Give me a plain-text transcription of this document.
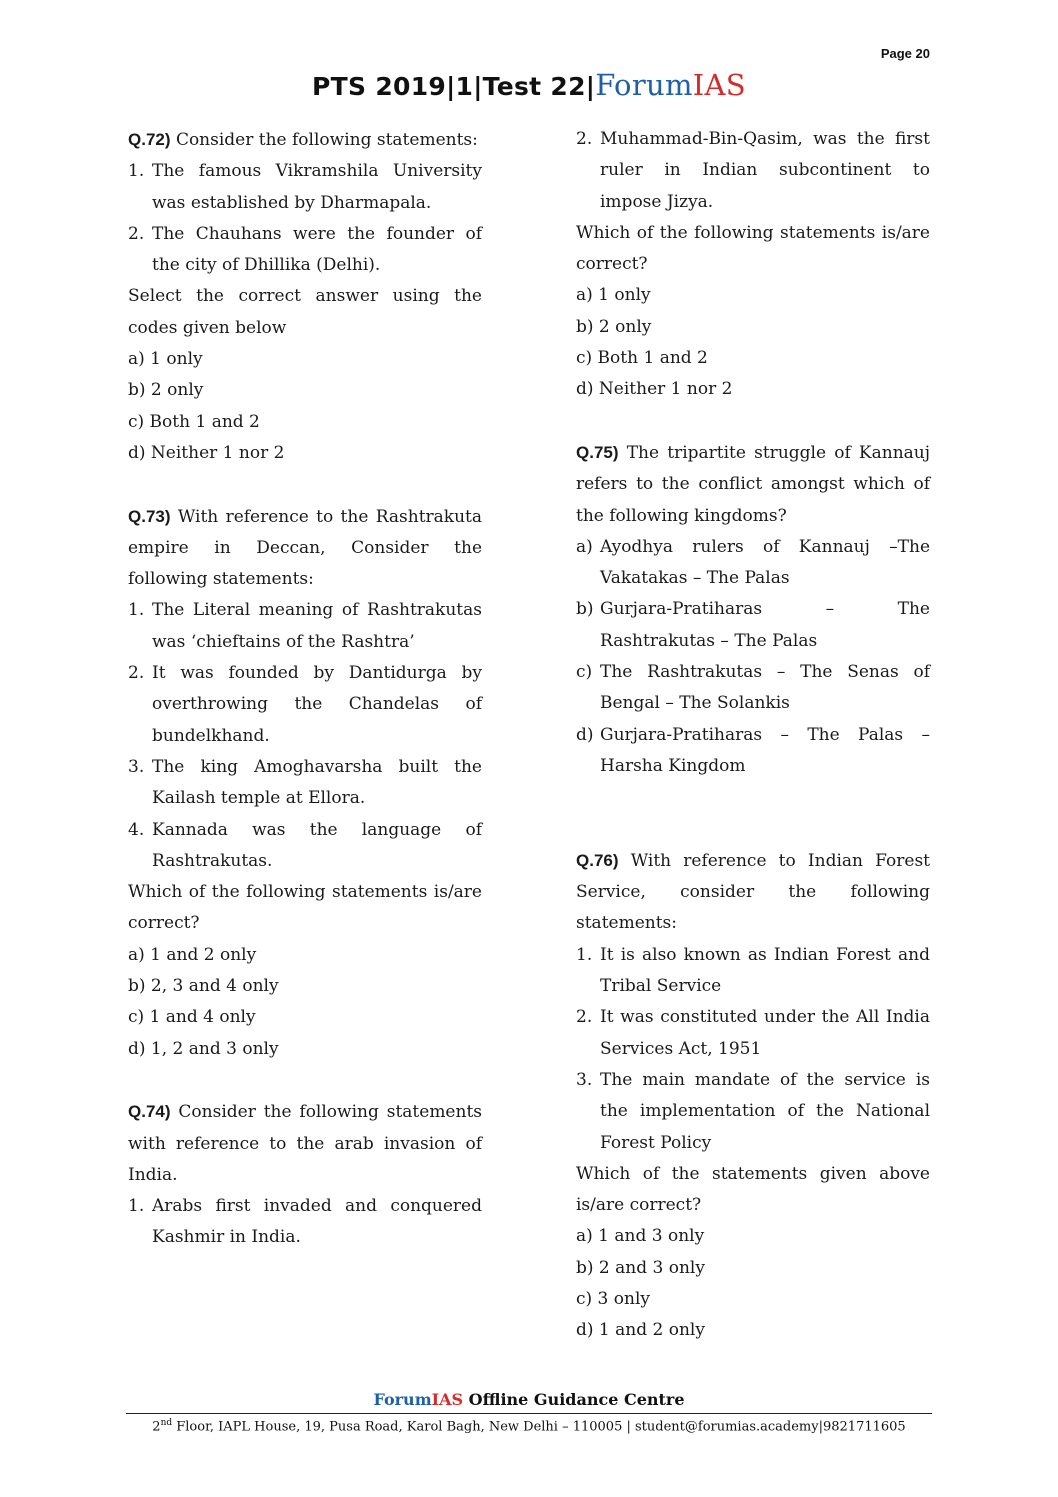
Page 20
PTS 2019|1|Test 22|ForumIAS

Q.72) Consider the following statements:

1. The famous Vikramshila University was established by Dharmapala.
2. The Chauhans were the founder of the city of Dhillika (Delhi).

Select the correct answer using the codes given below

a) 1 only

b) 2 only

c) Both 1 and 2

d) Neither 1 nor 2

Q.73) With reference to the Rashtrakuta empire in Deccan, Consider the following statements:

1. The Literal meaning of Rashtrakutas was ‘chieftains of the Rashtra’
2. It was founded by Dantidurga by overthrowing the Chandelas of bundelkhand.
3. The king Amoghavarsha built the Kailash temple at Ellora.
4. Kannada was the language of Rashtrakutas.

Which of the following statements is/are correct?

a) 1 and 2 only

b) 2, 3 and 4 only

c) 1 and 4 only

d) 1, 2 and 3 only

Q.74) Consider the following statements with reference to the arab invasion of India.

1. Arabs first invaded and conquered Kashmir in India.
2. Muhammad-Bin-Qasim, was the first ruler in Indian subcontinent to impose Jizya.

Which of the following statements is/are correct?

a) 1 only

b) 2 only

c) Both 1 and 2

d) Neither 1 nor 2

Q.75) The tripartite struggle of Kannauj refers to the conflict amongst which of the following kingdoms?

a) Ayodhya rulers of Kannauj –The Vakatakas – The Palas
b) Gurjara-Pratiharas – The Rashtrakutas – The Palas
c) The Rashtrakutas – The Senas of Bengal – The Solankis
d) Gurjara-Pratiharas – The Palas – Harsha Kingdom

Q.76) With reference to Indian Forest Service, consider the following statements:

1. It is also known as Indian Forest and Tribal Service
2. It was constituted under the All India Services Act, 1951
3. The main mandate of the service is the implementation of the National Forest Policy

Which of the statements given above is/are correct?

a) 1 and 3 only

b) 2 and 3 only

c) 3 only

d) 1 and 2 only

ForumIAS Offline Guidance Centre
2nd Floor, IAPL House, 19, Pusa Road, Karol Bagh, New Delhi – 110005 | student@forumias.academy|9821711605
